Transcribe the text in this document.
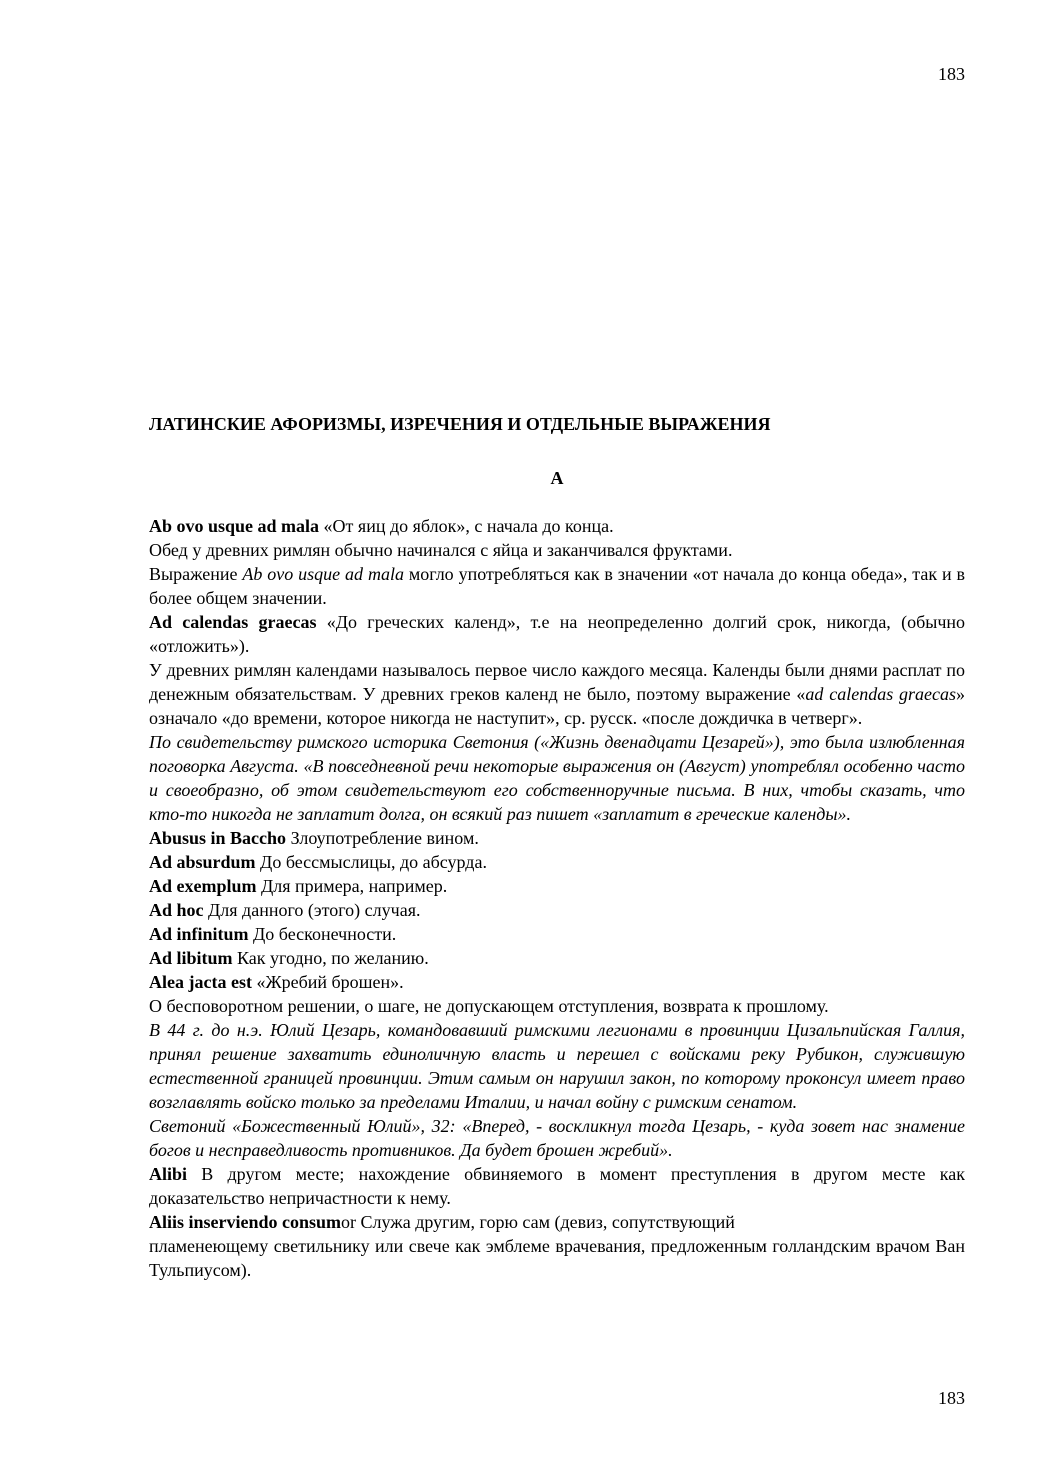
183
ЛАТИНСКИЕ АФОРИЗМЫ, ИЗРЕЧЕНИЯ И ОТДЕЛЬНЫЕ ВЫРАЖЕНИЯ
А

Ab ovo usque ad mala «От яиц до яблок», с начала до конца.

Обед у древних римлян обычно начинался с яйца и заканчивался фруктами.

Выражение Ab ovo usque ad mala могло употребляться как в значении «от начала до конца обеда», так и в более общем значении.

Ad calendas graecas «До греческих календ», т.е на неопределенно долгий срок, никогда, (обычно «отложить»).

У древних римлян календами называлось первое число каждого месяца. Календы были днями расплат по денежным обязательствам. У древних греков календ не было, поэтому выражение «ad calendas graecas» означало «до времени, которое никогда не наступит», ср. русск. «после дождичка в четверг».

По свидетельству римского историка Светония («Жизнь двенадцати Цезарей»), это была излюбленная поговорка Августа. «В повседневной речи некоторые выражения он (Август) употреблял особенно часто и своеобразно, об этом свидетельствуют его собственноручные письма. В них, чтобы сказать, что кто-то никогда не заплатит долга, он всякий раз пишет «заплатит в греческие календы».

Abusus in Baccho Злоупотребление вином.

Ad absurdum До бессмыслицы, до абсурда.

Ad exemplum Для примера, например.

Ad hoc Для данного (этого) случая.

Ad infinitum До бесконечности.

Ad libitum Как угодно, по желанию.

Alea jacta est «Жребий брошен».

О бесповоротном решении, о шаге, не допускающем отступления, возврата к прошлому.

В 44 г. до н.э. Юлий Цезарь, командовавший римскими легионами в провинции Цизальпийская Галлия, принял решение захватить единоличную власть и перешел с войсками реку Рубикон, служившую естественной границей провинции. Этим самым он нарушил закон, по которому проконсул имеет право возглавлять войско только за пределами Италии, и начал войну с римским сенатом.

Светоний «Божественный Юлий», 32: «Вперед, - воскликнул тогда Цезарь, - куда зовет нас знамение богов и несправедливость противников. Да будет брошен жребий».

Alibi В другом месте; нахождение обвиняемого в момент преступления в другом месте как доказательство непричастности к нему.

Aliis inserviendo consumor Служа другим, горю сам (девиз, сопутствующий

пламенеющему светильнику или свече как эмблеме врачевания, предложенным голландским врачом Ван Тульпиусом).

183
